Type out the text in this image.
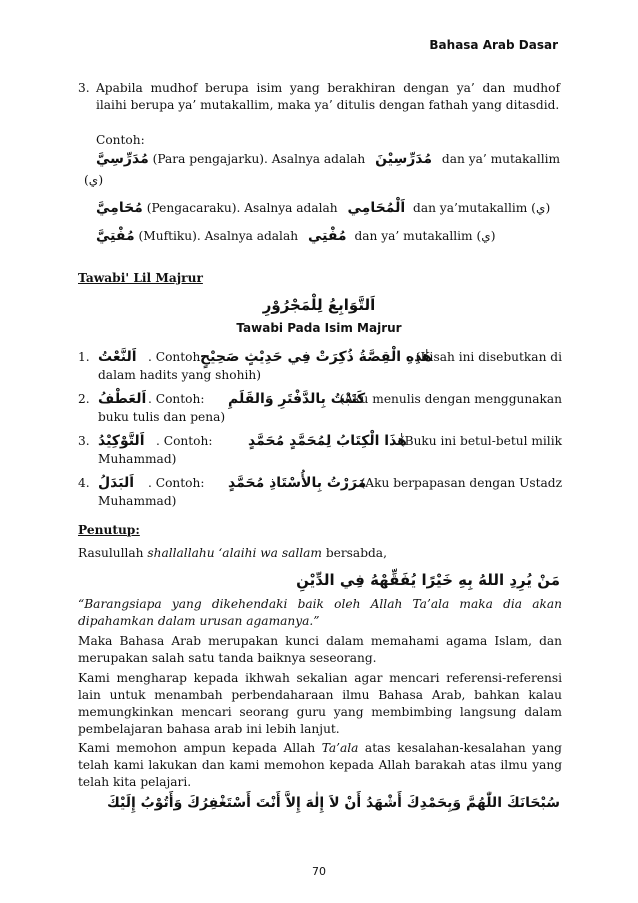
Bahasa Arab Dasar
3. Apabila mudhof berupa isim yang berakhiran dengan ya’ dan mudhof ilaihi berupa ya’ mutakallim, maka ya’ ditulis dengan fathah yang ditasdid.
Contoh:
مُدَرِّسِيَّ (Para pengajarku). Asalnya adalah مُدَرِّسِيْنَ dan ya’ mutakallim
(ي)
مُحَامِيَّ (Pengacaraku). Asalnya adalah اَلْمُحَامِي dan ya’mutakallim (ي)
مُفْتِيَّ (Muftiku). Asalnya adalah مُفْتِي dan ya’ mutakallim (ي)
Tawabi' Lil Majrur
اَلتَّوَابِعُ لِلْمَجْرُوْرِ
Tawabi Pada Isim Majrur
1. اَلنَّعْتُ . Contoh:
هٰذِهِ الْقِصَّةُ ذُكِرَتْ فِي حَدِيْثٍ صَحِيْحٍ
(Kisah ini disebutkan di
dalam hadits yang shohih)
2. اَلعَطْفُ . Contoh: كَتَبْتُ بِالدَّفْتَرِ وَالقَلَمِ
(Aku menulis dengan menggunakan
buku tulis dan pena)
3. اَلتَّوْكِيْدُ . Contoh:	هٰذَا الْكِتَابُ لِمُحَمَّدٍ مُحَمَّدٍ
(Buku ini betul-betul milik
Muhammad)
4. اَلبَدَلُ . Contoh: مَرَرْتُ بِالأُسْتَاذِ مُحَمَّدٍ
(Aku berpapasan dengan Ustadz
Muhammad)
Penutup:
Rasulullah shallallahu ‘alaihi wa sallam bersabda,
مَنْ يُرِدِ اللهُ بِهِ خَيْرًا يُفَقِّهْهُ فِي الدِّيْنِ
“Barangsiapa yang dikehendaki baik oleh Allah Ta’ala maka dia akan dipahamkan dalam urusan agamanya.”
Maka Bahasa Arab merupakan kunci dalam memahami agama Islam, dan merupakan salah satu tanda baiknya seseorang.
Kami mengharap kepada ikhwah sekalian agar mencari referensi-referensi lain untuk menambah perbendaharaan ilmu Bahasa Arab, bahkan kalau memungkinkan mencari seorang guru yang membimbing langsung dalam pembelajaran bahasa arab ini lebih lanjut.
Kami memohon ampun kepada Allah Ta’ala atas kesalahan-kesalahan yang telah kami lakukan dan kami memohon kepada Allah barakah atas ilmu yang telah kita pelajari.
سُبْحَانَكَ اللّٰهُمَّ وَبِحَمْدِكَ أَشْهَدُ أَنْ لاَ إِلٰهَ إِلاَّ أَنْتَ أَسْتَغْفِرُكَ وَأَتُوْبُ إِلَيْكَ
70
